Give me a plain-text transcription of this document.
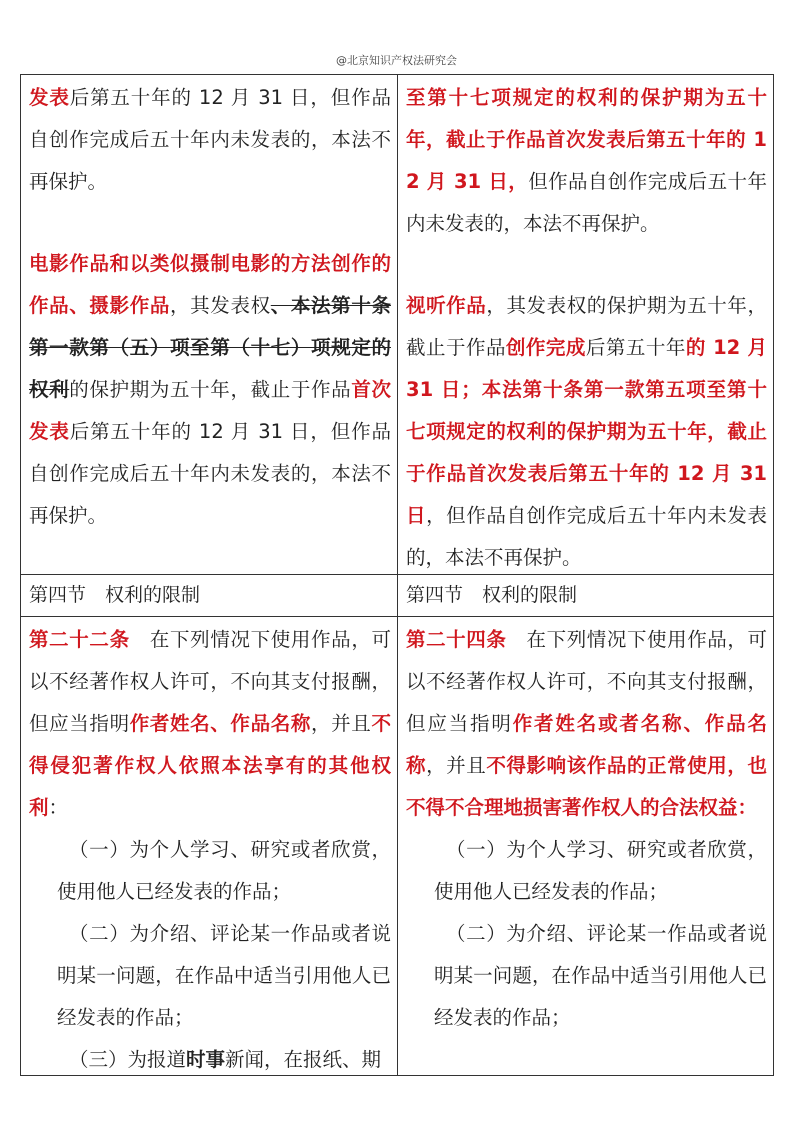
@北京知识产权法研究会

发表后第五十年的 12 月 31 日，但作品自创作完成后五十年内未发表的，本法不再保护。

电影作品和以类似摄制电影的方法创作的作品、摄影作品，其发表权、本法第十条第一款第（五）项至第（十七）项规定的权利的保护期为五十年，截止于作品首次发表后第五十年的 12 月 31 日，但作品自创作完成后五十年内未发表的，本法不再保护。

至第十七项规定的权利的保护期为五十年，截止于作品首次发表后第五十年的 12 月 31 日，但作品自创作完成后五十年内未发表的，本法不再保护。

视听作品，其发表权的保护期为五十年，截止于作品创作完成后第五十年的 12 月 31 日；本法第十条第一款第五项至第十七项规定的权利的保护期为五十年，截止于作品首次发表后第五十年的 12 月 31 日，但作品自创作完成后五十年内未发表的，本法不再保护。

第四节　权利的限制	第四节　权利的限制

第二十二条　在下列情况下使用作品，可以不经著作权人许可，不向其支付报酬，但应当指明作者姓名、作品名称，并且不得侵犯著作权人依照本法享有的其他权利：

（一）为个人学习、研究或者欣赏，使用他人已经发表的作品；

（二）为介绍、评论某一作品或者说明某一问题，在作品中适当引用他人已经发表的作品；

（三）为报道时事新闻，在报纸、期

第二十四条　在下列情况下使用作品，可以不经著作权人许可，不向其支付报酬，但应当指明作者姓名或者名称、作品名称，并且不得影响该作品的正常使用，也不得不合理地损害著作权人的合法权益：

（一）为个人学习、研究或者欣赏，使用他人已经发表的作品；

（二）为介绍、评论某一作品或者说明某一问题，在作品中适当引用他人已经发表的作品；
